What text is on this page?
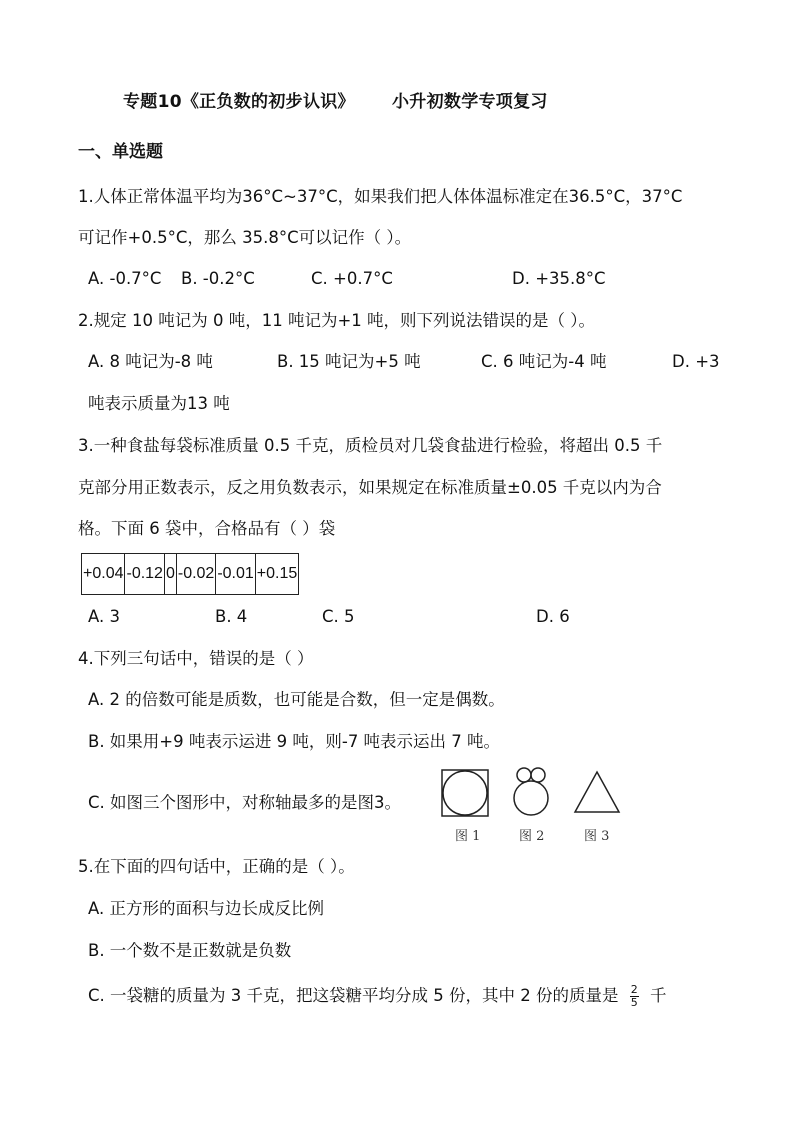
专题10《正负数的初步认识》 小升初数学专项复习
一、单选题
1.人体正常体温平均为36°C~37°C，如果我们把人体体温标准定在36.5°C，37°C
可记作+0.5°C，那么 35.8°C可以记作（ ）。
A. -0.7°C B. -0.2°C	C. +0.7°C	D. +35.8°C
2.规定 10 吨记为 0 吨，11 吨记为+1 吨，则下列说法错误的是（ ）。
A. 8 吨记为-8 吨	B. 15 吨记为+5 吨	C. 6 吨记为-4 吨	D. +3
吨表示质量为13 吨
3.一种食盐每袋标准质量 0.5 千克，质检员对几袋食盐进行检验，将超出 0.5 千
克部分用正数表示，反之用负数表示，如果规定在标准质量±0.05 千克以内为合
格。下面 6 袋中，合格品有（ ）袋
+0.04	-0.12	0	-0.02	-0.01	+0.15
A. 3	B. 4	C. 5	D. 6
4.下列三句话中，错误的是（ ）
A. 2 的倍数可能是质数，也可能是合数，但一定是偶数。
B. 如果用+9 吨表示运进 9 吨，则-7 吨表示运出 7 吨。
C. 如图三个图形中，对称轴最多的是图3。
图 1	图 2	图 3
5.在下面的四句话中，正确的是（ ）。
A. 正方形的面积与边长成反比例
B. 一个数不是正数就是负数
C. 一袋糖的质量为 3 千克，把这袋糖平均分成 5 份，其中 2 份的质量是 $\frac{2}{5}$ 千
